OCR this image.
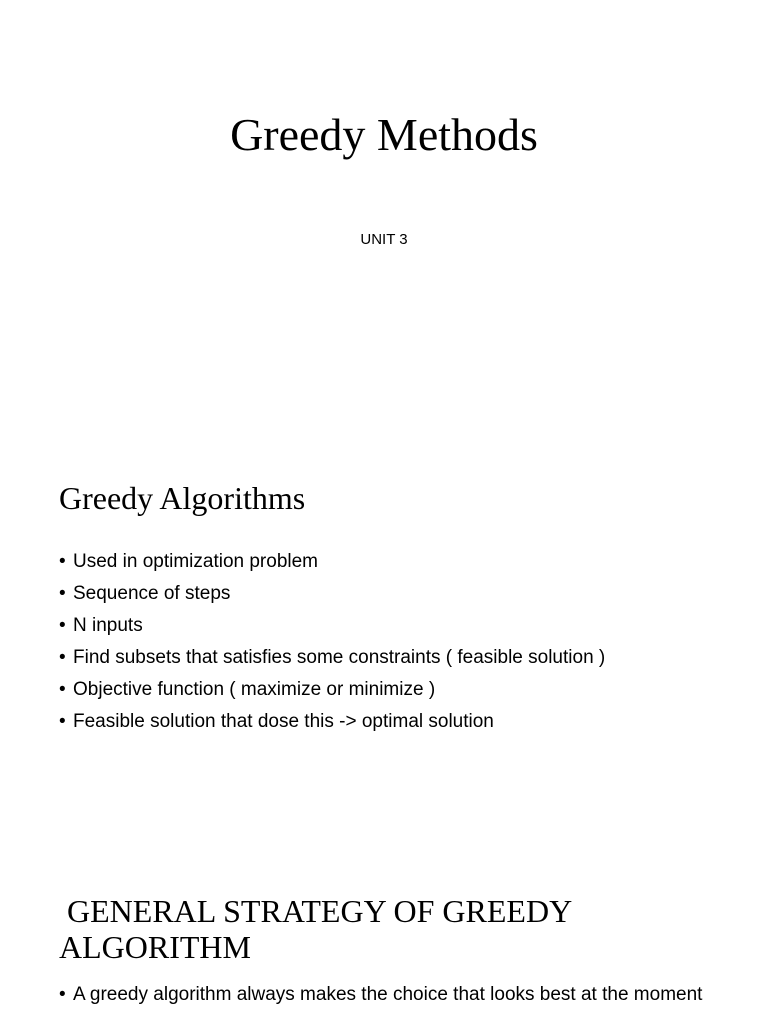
Greedy Methods
UNIT 3
Greedy Algorithms
• Used in optimization problem
• Sequence of steps
• N inputs
• Find subsets that satisfies some constraints ( feasible solution )
• Objective function ( maximize or minimize )
• Feasible solution that dose this -> optimal solution
GENERAL STRATEGY OF GREEDY ALGORITHM
• A greedy algorithm always makes the choice that looks best at the moment
